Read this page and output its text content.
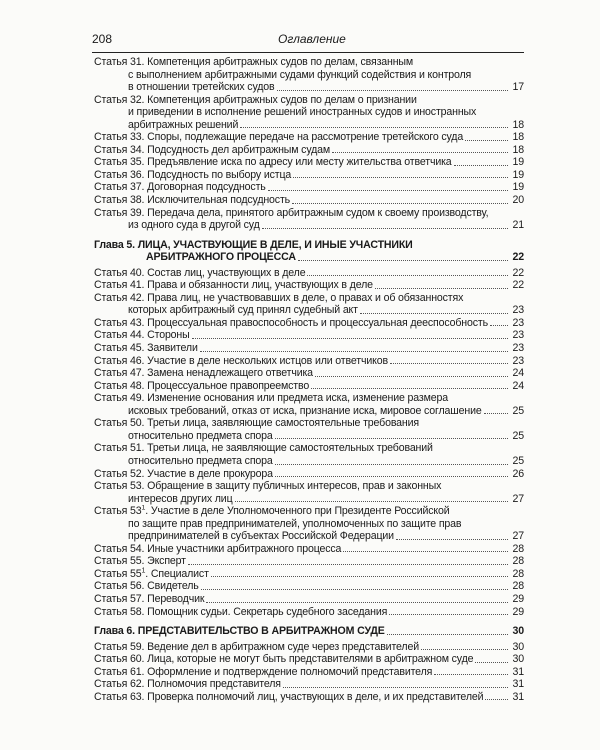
208	Оглавление
Статья 31. Компетенция арбитражных судов по делам, связанным
с выполнением арбитражными судами функций содействия и контроля
в отношении третейских судов	17
Статья 32. Компетенция арбитражных судов по делам о признании
и приведении в исполнение решений иностранных судов и иностранных
арбитражных решений	18
Статья 33. Споры, подлежащие передаче на рассмотрение третейского суда	18
Статья 34. Подсудность дел арбитражным судам	18
Статья 35. Предъявление иска по адресу или месту жительства ответчика	19
Статья 36. Подсудность по выбору истца	19
Статья 37. Договорная подсудность	19
Статья 38. Исключительная подсудность	20
Статья 39. Передача дела, принятого арбитражным судом к своему производству,
из одного суда в другой суд	21
Глава 5. ЛИЦА, УЧАСТВУЮЩИЕ В ДЕЛЕ, И ИНЫЕ УЧАСТНИКИ
АРБИТРАЖНОГО ПРОЦЕССА	22
Статья 40. Состав лиц, участвующих в деле	22
Статья 41. Права и обязанности лиц, участвующих в деле	22
Статья 42. Права лиц, не участвовавших в деле, о правах и об обязанностях
которых арбитражный суд принял судебный акт	23
Статья 43. Процессуальная правоспособность и процессуальная дееспособность 23
Статья 44. Стороны	23
Статья 45. Заявители	23
Статья 46. Участие в деле нескольких истцов или ответчиков	23
Статья 47. Замена ненадлежащего ответчика	24
Статья 48. Процессуальное правопреемство	24
Статья 49. Изменение основания или предмета иска, изменение размера
исковых требований, отказ от иска, признание иска, мировое соглашение	25
Статья 50. Третьи лица, заявляющие самостоятельные требования
относительно предмета спора	25
Статья 51. Третьи лица, не заявляющие самостоятельных требований
относительно предмета спора	25
Статья 52. Участие в деле прокурора	26
Статья 53. Обращение в защиту публичных интересов, прав и законных
интересов других лиц	27
Статья $53^1$. Участие в деле Уполномоченного при Президенте Российской
по защите прав предпринимателей, уполномоченных по защите прав
предпринимателей в субъектах Российской Федерации	27
Статья 54. Иные участники арбитражного процесса	28
Статья 55. Эксперт	28
Статья $55^1$. Специалист	28
Статья 56. Свидетель	28
Статья 57. Переводчик	29
Статья 58. Помощник судьи. Секретарь судебного заседания	29
Глава 6. ПРЕДСТАВИТЕЛЬСТВО В АРБИТРАЖНОМ СУДЕ	30
Статья 59. Ведение дел в арбитражном суде через представителей	30
Статья 60. Лица, которые не могут быть представителями в арбитражном суде	30
Статья 61. Оформление и подтверждение полномочий представителя	31
Статья 62. Полномочия представителя	31
Статья 63. Проверка полномочий лиц, участвующих в деле, и их представителей	31
